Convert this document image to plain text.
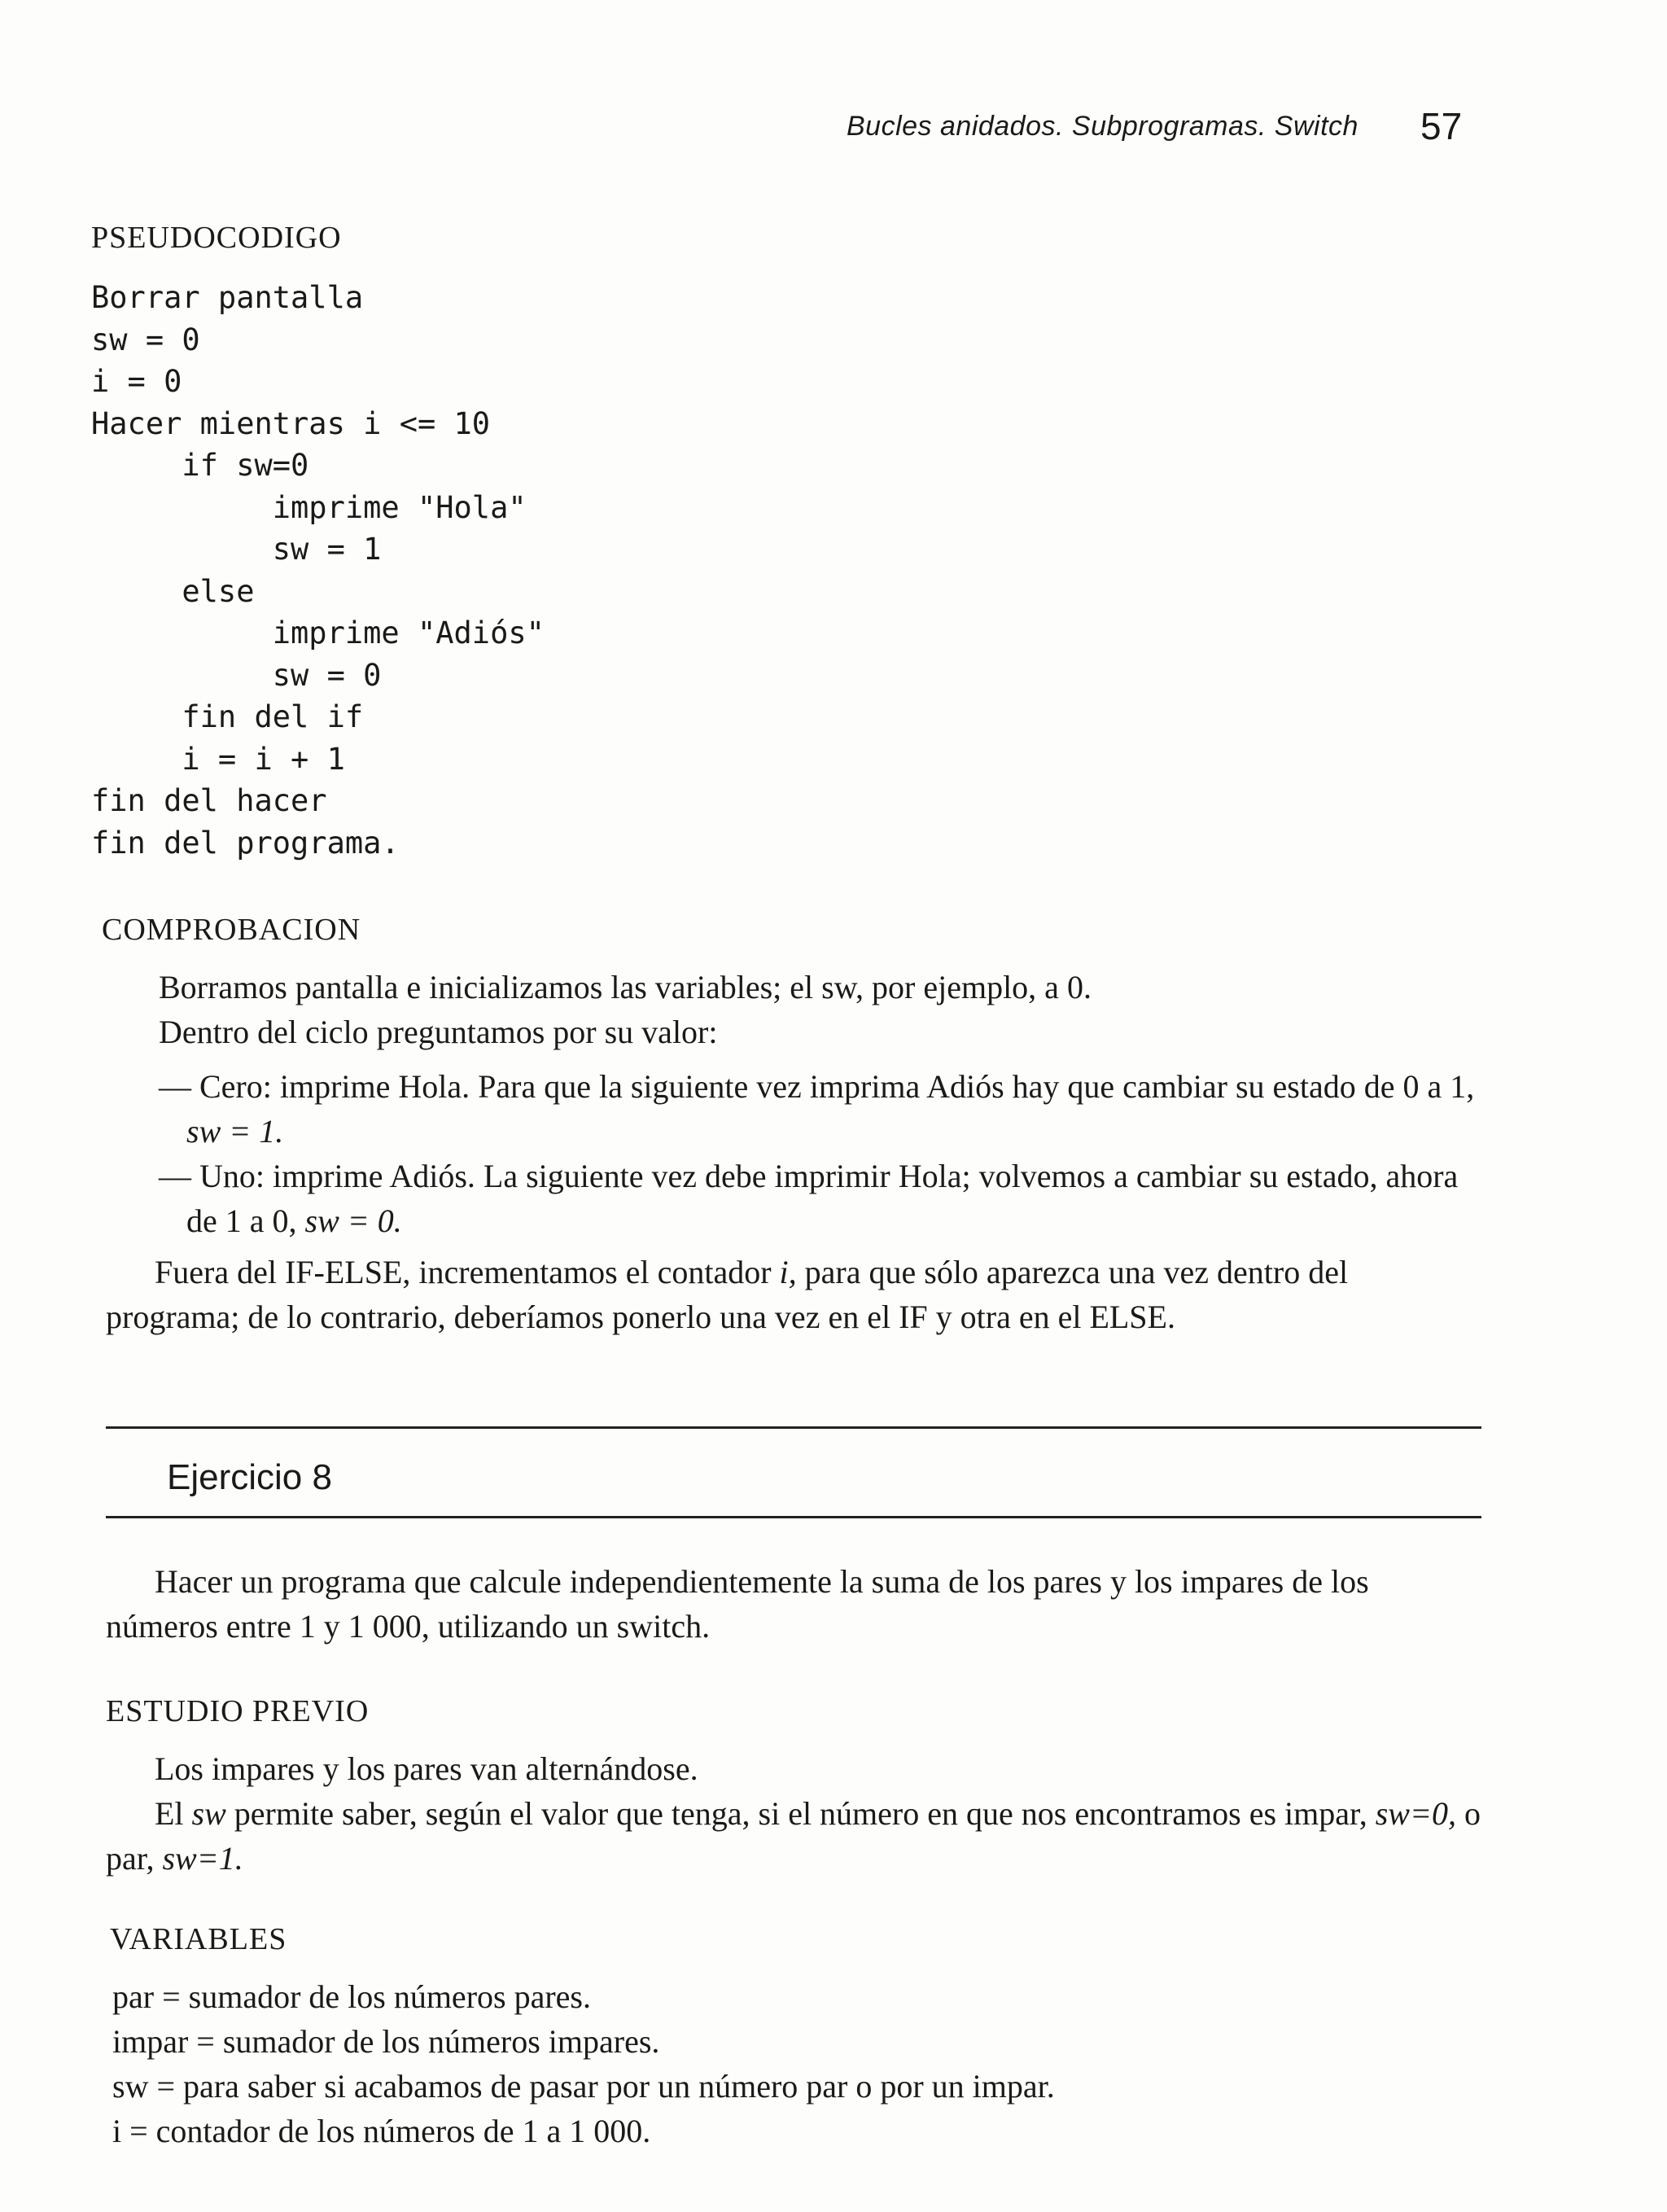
Bucles anidados. Subprogramas. Switch 57
PSEUDOCODIGO
Borrar pantalla
sw = 0
i = 0
Hacer mientras i <= 10
if sw=0
imprime "Hola"
sw = 1
else
imprime "Adiós"
sw = 0
fin del if
i = i + 1
fin del hacer
fin del programa.
COMPROBACION

Borramos pantalla e inicializamos las variables; el sw, por ejemplo, a 0.

Dentro del ciclo preguntamos por su valor:

— Cero: imprime Hola. Para que la siguiente vez imprima Adiós hay que cambiar su estado de 0 a 1, sw = 1.

— Uno: imprime Adiós. La siguiente vez debe imprimir Hola; volvemos a cambiar su estado, ahora de 1 a 0, sw = 0.

Fuera del IF-ELSE, incrementamos el contador i, para que sólo aparezca una vez dentro del programa; de lo contrario, deberíamos ponerlo una vez en el IF y otra en el ELSE.

Ejercicio 8

Hacer un programa que calcule independientemente la suma de los pares y los impares de los números entre 1 y 1 000, utilizando un switch.

ESTUDIO PREVIO

Los impares y los pares van alternándose.

El sw permite saber, según el valor que tenga, si el número en que nos encontramos es impar, sw=0, o par, sw=1.

VARIABLES

par = sumador de los números pares.

impar = sumador de los números impares.

sw = para saber si acabamos de pasar por un número par o por un impar.

i = contador de los números de 1 a 1 000.
